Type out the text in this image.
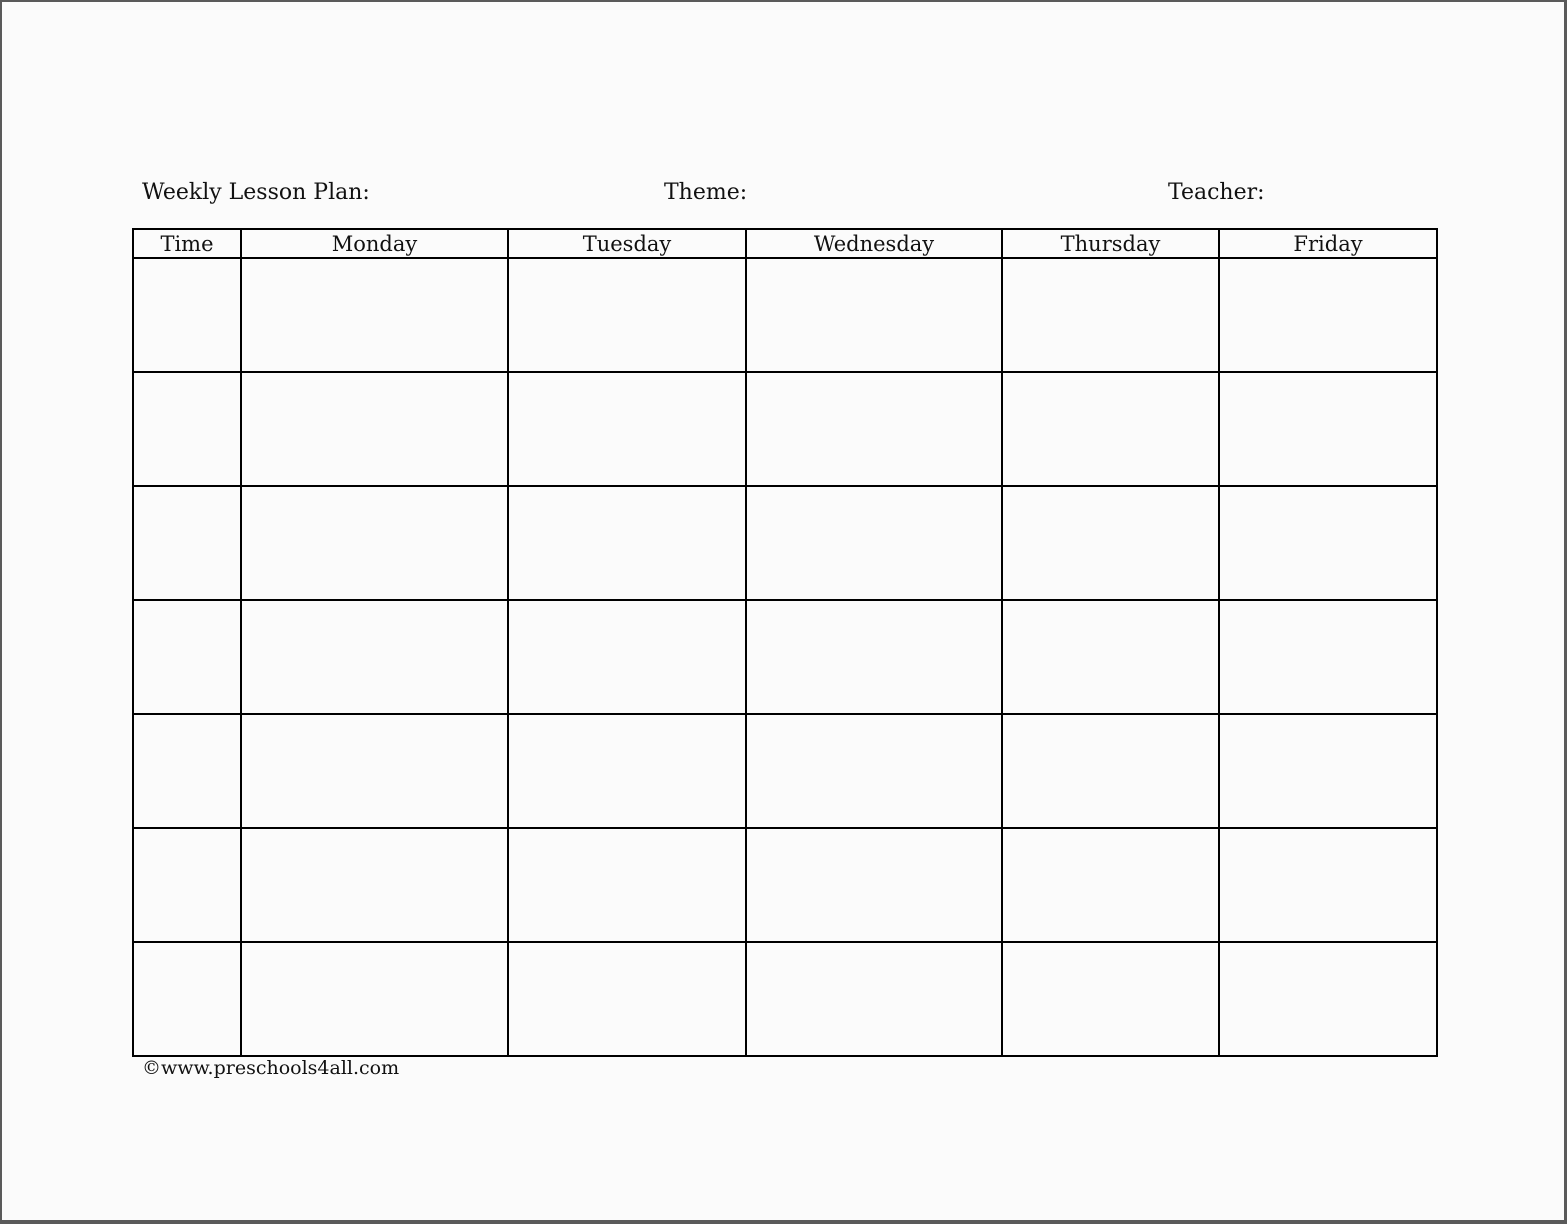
Weekly Lesson Plan:	Theme:	Teacher:
Time	Monday	Tuesday	Wednesday	Thursday	Friday

©www.preschools4all.com
